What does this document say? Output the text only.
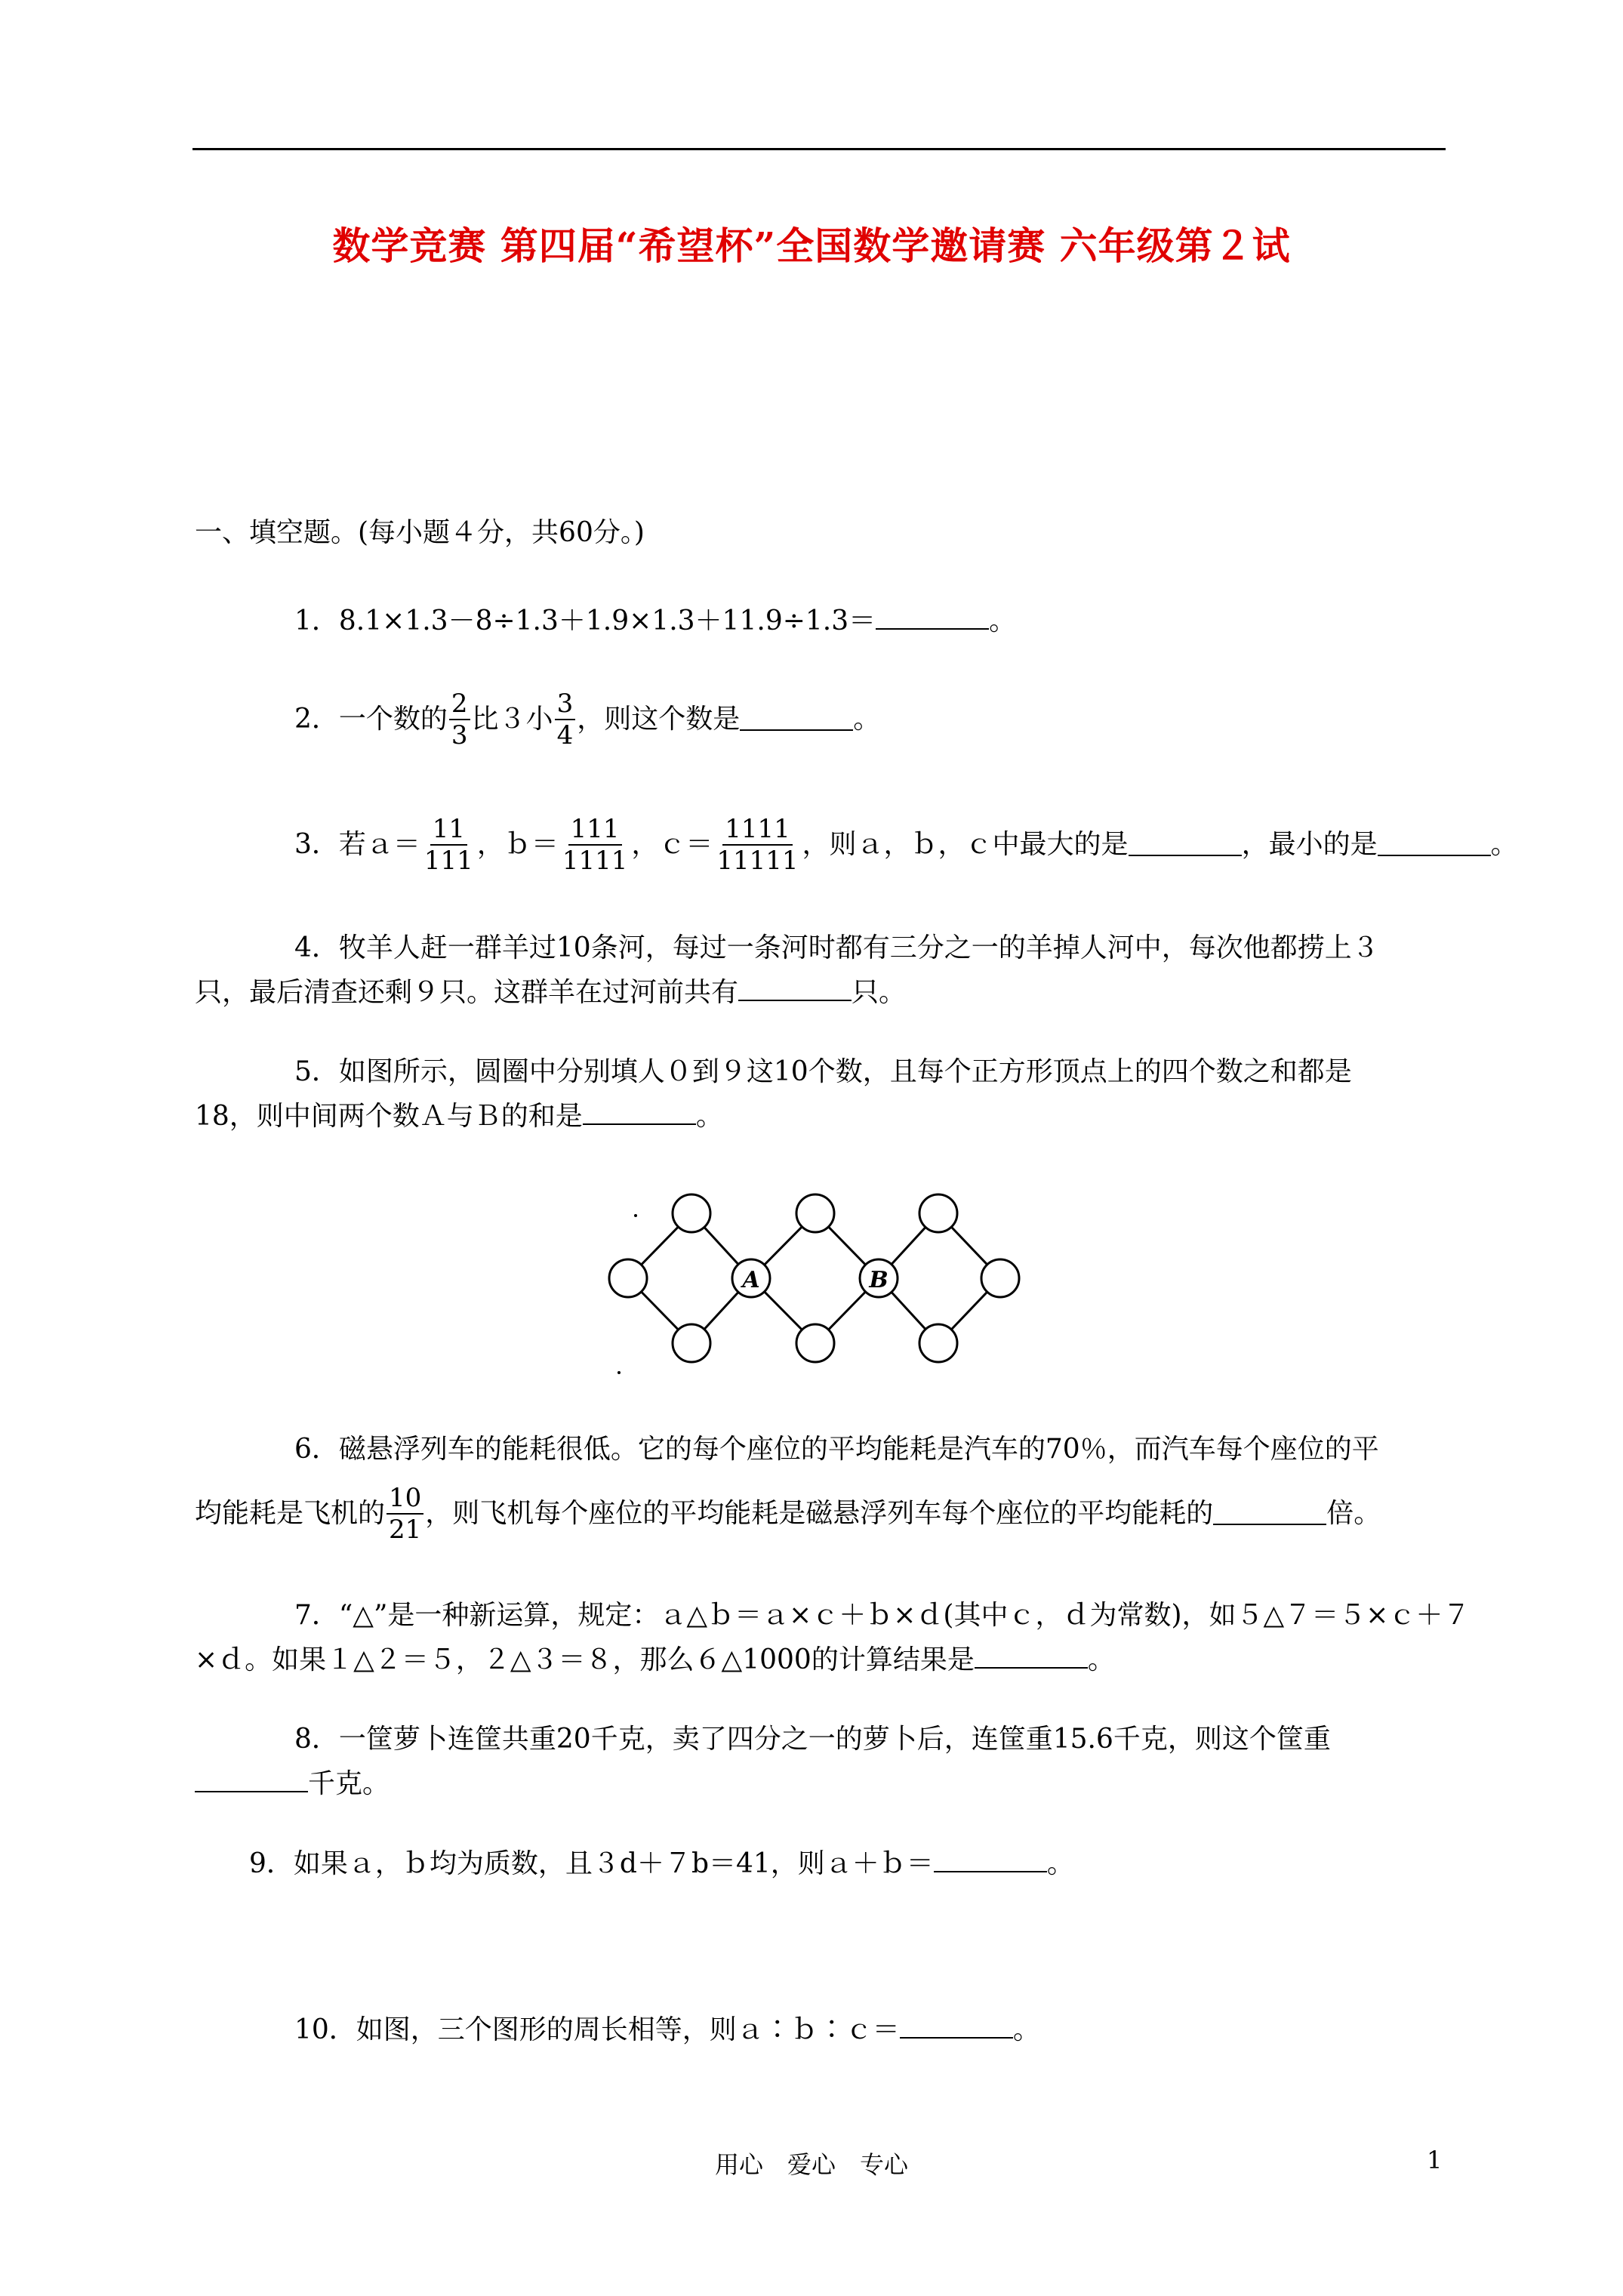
数学竞赛 第四届“希望杯”全国数学邀请赛 六年级第２试
一、填空题。(每小题４分，共60分。)
1．8.1×1.3－8÷1.3＋1.9×1.3＋11.9÷1.3＝	。
2．一个数的 $\frac{2}{3}$ 比３小 $\frac{3}{4}$ ，则这个数是	。
3．若ａ＝ $\frac{11}{111}$ ，ｂ＝ $\frac{111}{1111}$ ，ｃ＝ $\frac{1111}{11111}$ ，则ａ，ｂ，ｃ中最大的是	，最小的是	。
4．牧羊人赶一群羊过10条河，每过一条河时都有三分之一的羊掉人河中，每次他都捞上３
只，最后清查还剩９只。这群羊在过河前共有	只。
5．如图所示，圆圈中分别填人０到９这10个数，且每个正方形顶点上的四个数之和都是
18，则中间两个数Ａ与Ｂ的和是	。
A	B
6．磁悬浮列车的能耗很低。它的每个座位的平均能耗是汽车的70％，而汽车每个座位的平
均能耗是飞机的 $\frac{10}{21}$ ，则飞机每个座位的平均能耗是磁悬浮列车每个座位的平均能耗的	倍。
7．“△”是一种新运算，规定：ａ△ｂ＝ａ×ｃ＋ｂ×ｄ(其中ｃ，ｄ为常数)，如５△７＝５×ｃ＋７
×ｄ。如果１△２＝５，２△３＝８，那么６△1000的计算结果是	。
8．一筐萝卜连筐共重20千克，卖了四分之一的萝卜后，连筐重15.6千克，则这个筐重
千克。
9．如果ａ，ｂ均为质数，且３d＋７b＝41，则ａ＋ｂ＝	。
10．如图，三个图形的周长相等，则ａ∶ｂ∶ｃ＝	。
用心　爱心　专心	1
